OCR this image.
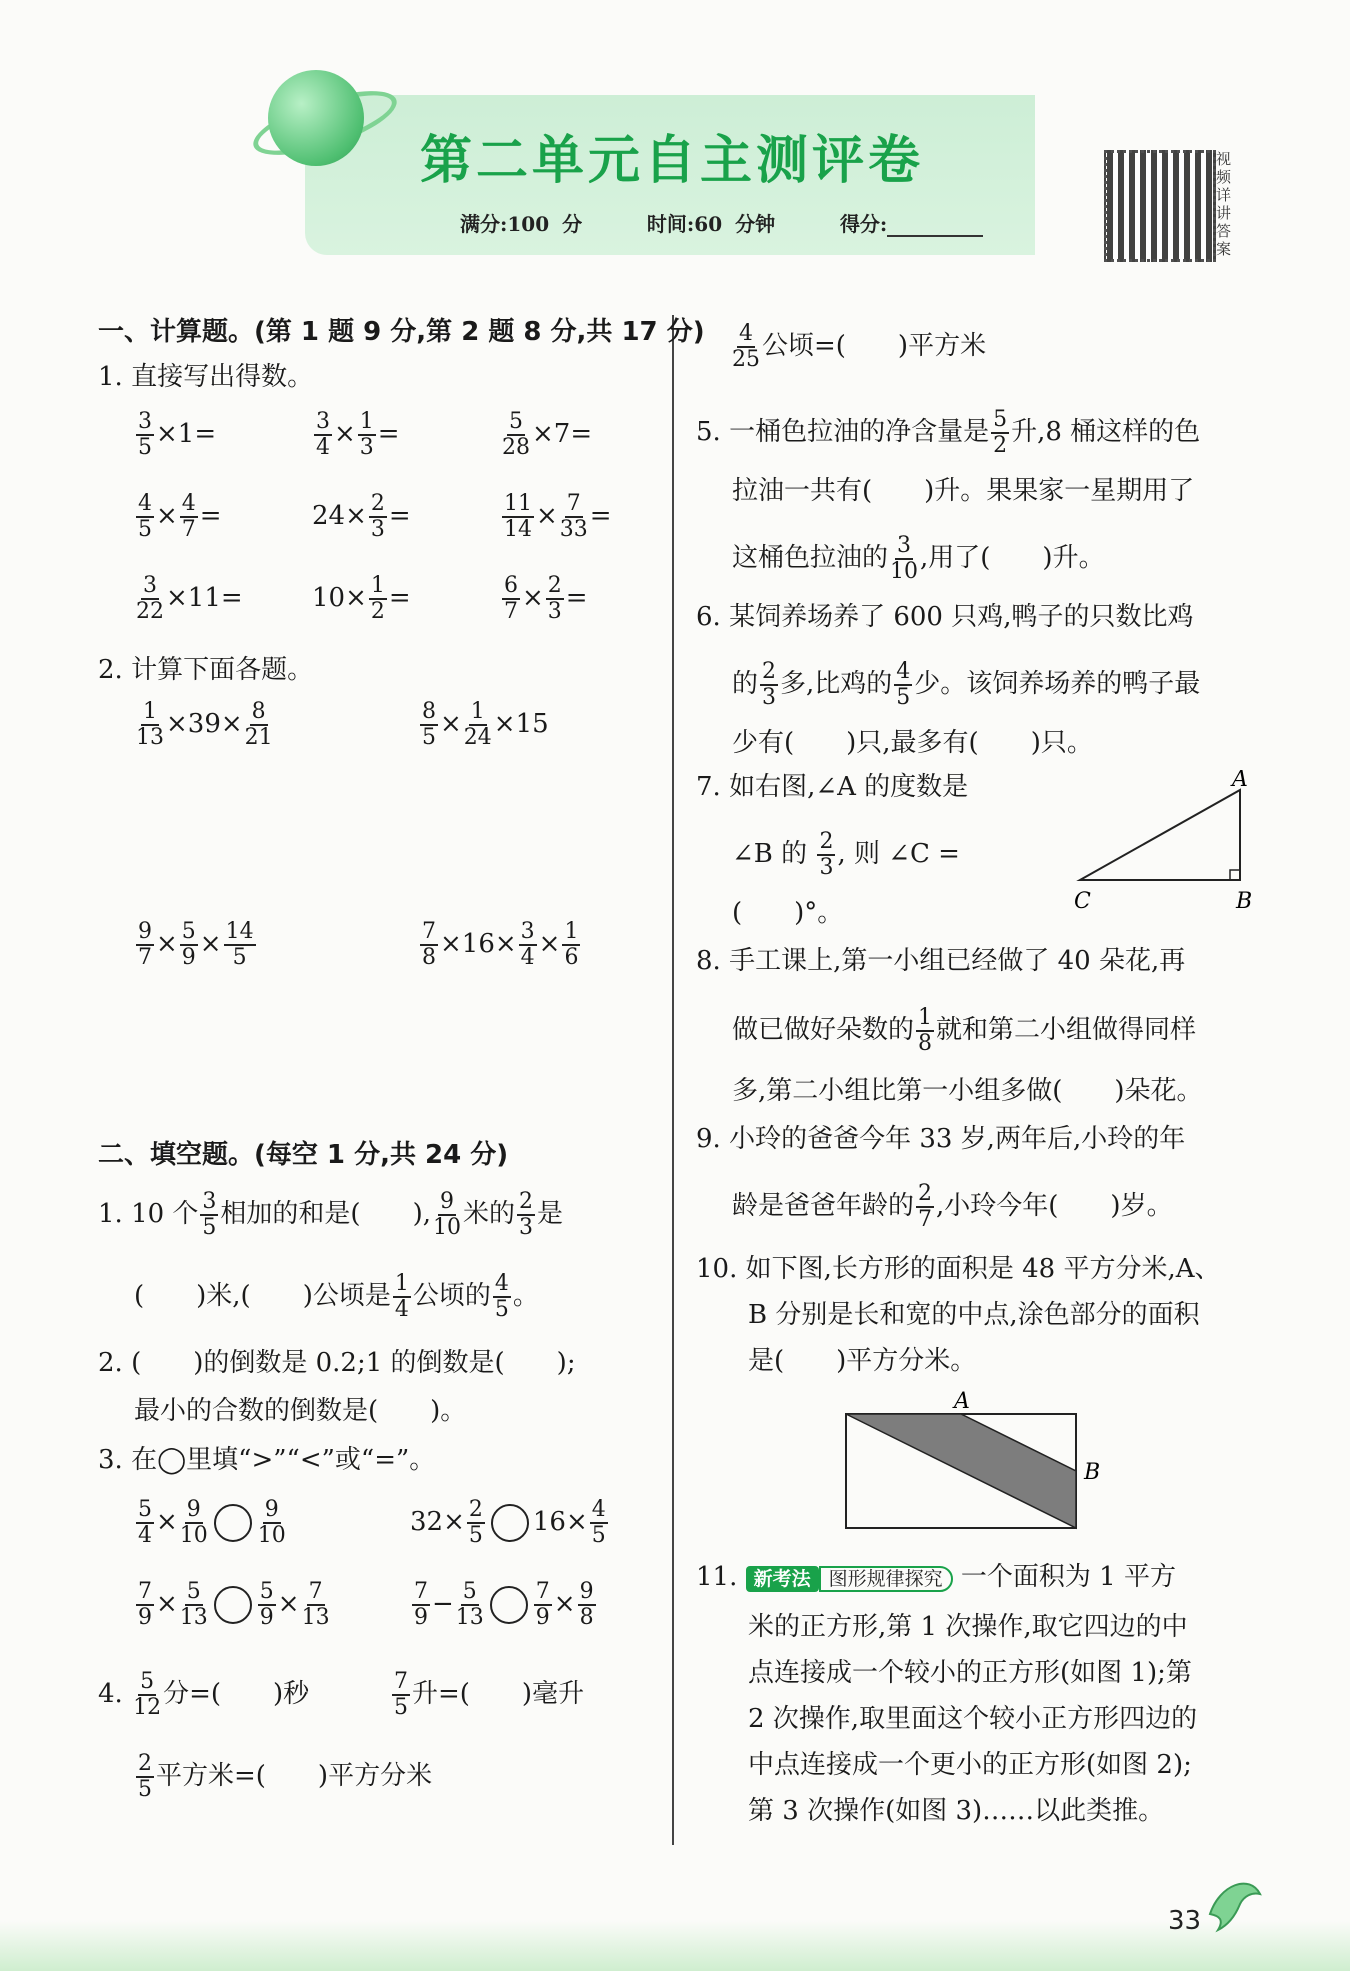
第二单元自主测评卷
满分:100 分	时间:60 分钟	得分:
视频详讲答案
一、计算题。(第 1 题 9 分,第 2 题 8 分,共 17 分)
1. 直接写出得数。
$\frac{3}{5} \times 1=$	$\frac{3}{4} \times \frac{1}{3}$ =	$\frac{5}{28} \times 7=$
$\frac{4}{5} \times \frac{4}{7}$ =	$24\times \frac{2}{3}$ =	$\frac{11}{14} \times \frac{7}{33}$ =
$\frac{3}{22} \times 11=$	$10\times \frac{1}{2}$ =	$\frac{6}{7} \times \frac{2}{3}$ =
2. 计算下面各题。
$\frac{1}{13} \times 39\times \frac{8}{21}$	$\frac{8}{5} \times \frac{1}{24} \times 15$
$\frac{9}{7} \times \frac{5}{9} \times \frac{14}{5}$	$\frac{7}{8} \times 16\times \frac{3}{4} \times \frac{1}{6}$
二、填空题。(每空 1 分,共 24 分)
1. 10 个 $\frac{3}{5}$ 相加的和是(　　), $\frac{9}{10}$ 米的 $\frac{2}{3}$ 是
(　　)米,(　　)公顷是 $\frac{1}{4}$ 公顷的 $\frac{4}{5}$ 。
2. (　　)的倒数是 0.2;1 的倒数是(　　);
最小的合数的倒数是(　　)。
3. 在◯里填“>”“<”或“=”。
$\frac{5}{4} \times \frac{9}{10} \frac{9}{10}$	$32\times \frac{2}{5} 16\times \frac{4}{5}$
$\frac{7}{9} \times \frac{5}{13} \frac{5}{9} \times \frac{7}{13}$	$\frac{7}{9} - \frac{5}{13} \frac{7}{9} \times \frac{9}{8}$
4. $\frac{5}{12}$ 分=(　　)秒	$\frac{7}{5}$ 升=(　　)毫升
$\frac{2}{5}$ 平方米=(　　)平方分米
$\frac{4}{25}$ 公顷=(　　)平方米
5. 一桶色拉油的净含量是 $\frac{5}{2}$ 升,8 桶这样的色
拉油一共有(　　)升。果果家一星期用了
这桶色拉油的 $\frac{3}{10}$ ,用了(　　)升。
6. 某饲养场养了 600 只鸡,鸭子的只数比鸡
的 $\frac{2}{3}$ 多,比鸡的 $\frac{4}{5}$ 少。该饲养场养的鸭子最
少有(　　)只,最多有(　　)只。
7. 如右图,∠A 的度数是
∠B 的 $\frac{2}{3}$ , 则 ∠C =
(　　)°。
A
B
C
8. 手工课上,第一小组已经做了 40 朵花,再
做已做好朵数的 $\frac{1}{8}$ 就和第二小组做得同样
多,第二小组比第一小组多做(　　)朵花。
9. 小玲的爸爸今年 33 岁,两年后,小玲的年
龄是爸爸年龄的 $\frac{2}{7}$ ,小玲今年(　　)岁。
10. 如下图,长方形的面积是 48 平方分米,A、
B 分别是长和宽的中点,涂色部分的面积
是(　　)平方分米。
A
B
11. 新考法 图形规律探究 一个面积为 1 平方
米的正方形,第 1 次操作,取它四边的中
点连接成一个较小的正方形(如图 1);第
2 次操作,取里面这个较小正方形四边的
中点连接成一个更小的正方形(如图 2);
第 3 次操作(如图 3)……以此类推。
33
